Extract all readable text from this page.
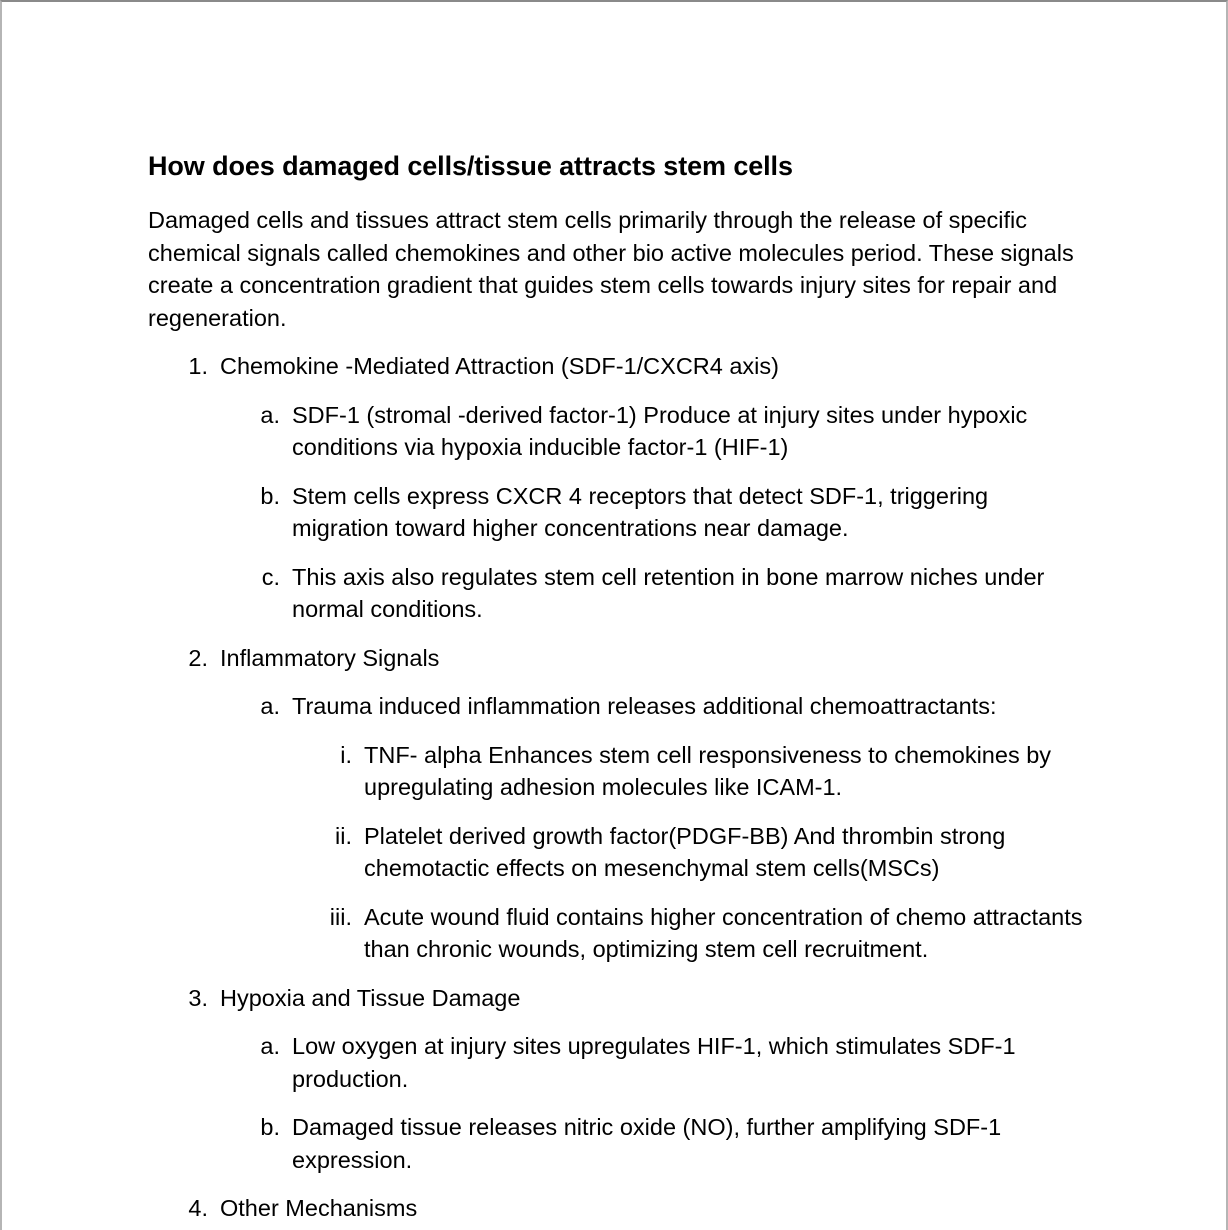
How does damaged cells/tissue attracts stem cells

Damaged cells and tissues attract stem cells primarily through the release of specific chemical signals called chemokines and other bio active molecules period. These signals create a concentration gradient that guides stem cells towards injury sites for repair and regeneration.

1. Chemokine -Mediated Attraction (SDF-1/CXCR4 axis)
a. SDF-1 (stromal -derived factor-1) Produce at injury sites under hypoxic conditions via hypoxia inducible factor-1 (HIF-1)
b. Stem cells express CXCR 4 receptors that detect SDF-1, triggering migration toward higher concentrations near damage.
c. This axis also regulates stem cell retention in bone marrow niches under normal conditions.
2. Inflammatory Signals
a. Trauma induced inflammation releases additional chemoattractants:
i. TNF- alpha Enhances stem cell responsiveness to chemokines by upregulating adhesion molecules like ICAM-1.
ii. Platelet derived growth factor(PDGF-BB) And thrombin strong chemotactic effects on mesenchymal stem cells(MSCs)
iii. Acute wound fluid contains higher concentration of chemo attractants than chronic wounds, optimizing stem cell recruitment.
3. Hypoxia and Tissue Damage
a. Low oxygen at injury sites upregulates HIF-1, which stimulates SDF-1 production.
b. Damaged tissue releases nitric oxide (NO), further amplifying SDF-1 expression.
4. Other Mechanisms
